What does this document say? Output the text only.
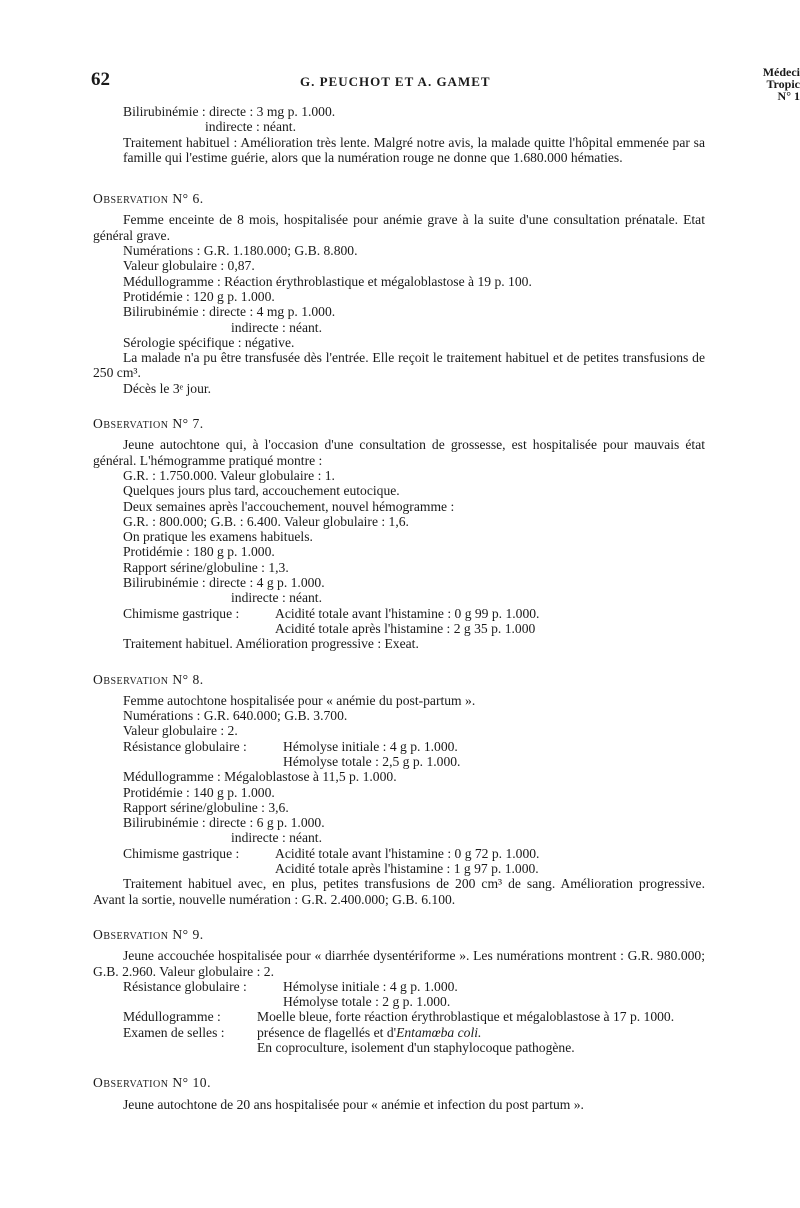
62	G. PEUCHOT ET A. GAMET
Médeci
Tropic
N° 1
Bilirubinémie : directe : 3 mg p. 1.000.
indirecte : néant.
Traitement habituel : Amélioration très lente. Malgré notre avis, la malade quitte l'hôpital emmenée par sa famille qui l'estime guérie, alors que la numération rouge ne donne que 1.680.000 hématies.
Observation N° 6.
Femme enceinte de 8 mois, hospitalisée pour anémie grave à la suite d'une consultation prénatale. Etat général grave.
Numérations : G.R. 1.180.000; G.B. 8.800.
Valeur globulaire : 0,87.
Médullogramme : Réaction érythroblastique et mégaloblastose à 19 p. 100.
Protidémie : 120 g p. 1.000.
Bilirubinémie : directe : 4 mg p. 1.000.
indirecte : néant.
Sérologie spécifique : négative.
La malade n'a pu être transfusée dès l'entrée. Elle reçoit le traitement habituel et de petites transfusions de 250 cm³.
Décès le 3ᵉ jour.
Observation N° 7.
Jeune autochtone qui, à l'occasion d'une consultation de grossesse, est hospitalisée pour mauvais état général. L'hémogramme pratiqué montre :
G.R. : 1.750.000. Valeur globulaire : 1.
Quelques jours plus tard, accouchement eutocique.
Deux semaines après l'accouchement, nouvel hémogramme :
G.R. : 800.000; G.B. : 6.400. Valeur globulaire : 1,6.
On pratique les examens habituels.
Protidémie : 180 g p. 1.000.
Rapport sérine/globuline : 1,3.
Bilirubinémie : directe : 4 g p. 1.000.
indirecte : néant.
Chimisme gastrique :	Acidité totale avant l'histamine : 0 g 99 p. 1.000.
Acidité totale après l'histamine : 2 g 35 p. 1.000
Traitement habituel. Amélioration progressive : Exeat.
Observation N° 8.
Femme autochtone hospitalisée pour « anémie du post-partum ».
Numérations : G.R. 640.000; G.B. 3.700.
Valeur globulaire : 2.
Résistance globulaire :	Hémolyse initiale : 4 g p. 1.000.
Hémolyse totale : 2,5 g p. 1.000.
Médullogramme : Mégaloblastose à 11,5 p. 1.000.
Protidémie : 140 g p. 1.000.
Rapport sérine/globuline : 3,6.
Bilirubinémie : directe : 6 g p. 1.000.
indirecte : néant.
Chimisme gastrique :	Acidité totale avant l'histamine : 0 g 72 p. 1.000.
Acidité totale après l'histamine : 1 g 97 p. 1.000.
Traitement habituel avec, en plus, petites transfusions de 200 cm³ de sang. Amélioration progressive. Avant la sortie, nouvelle numération : G.R. 2.400.000; G.B. 6.100.
Observation N° 9.
Jeune accouchée hospitalisée pour « diarrhée dysentériforme ». Les numérations montrent : G.R. 980.000; G.B. 2.960. Valeur globulaire : 2.
Résistance globulaire :	Hémolyse initiale : 4 g p. 1.000.
Hémolyse totale : 2 g p. 1.000.
Médullogramme :	Moelle bleue, forte réaction érythroblastique et mégaloblastose à 17 p. 1000.
Examen de selles :	présence de flagellés et d' Entamœba coli.
En coproculture, isolement d'un staphylocoque pathogène.
Observation N° 10.
Jeune autochtone de 20 ans hospitalisée pour « anémie et infection du post partum ».
